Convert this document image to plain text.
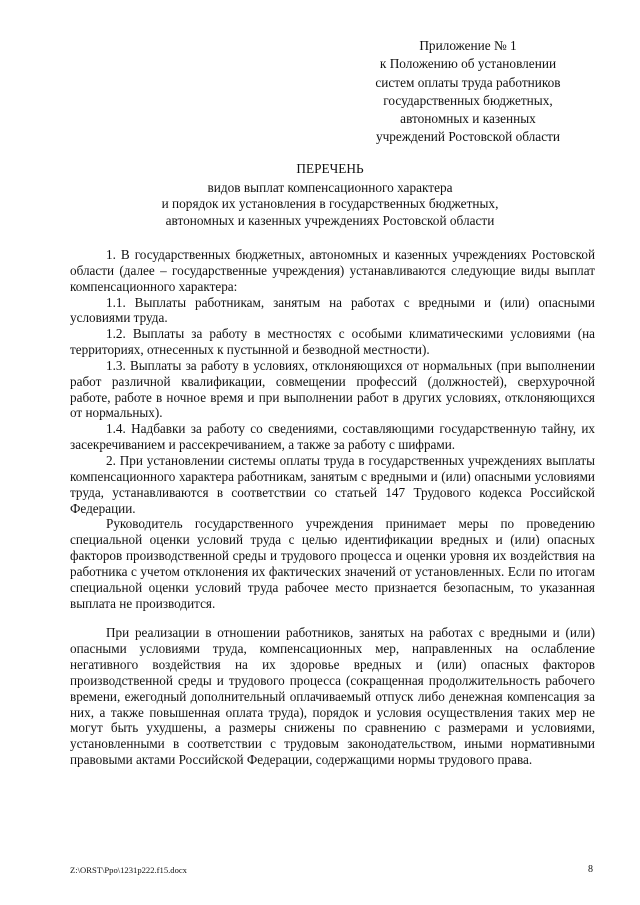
Приложение № 1
к Положению об установлении
систем оплаты труда работников
государственных бюджетных,
автономных и казенных
учреждений Ростовской области
ПЕРЕЧЕНЬ
видов выплат компенсационного характера
и порядок их установления в государственных бюджетных,
автономных и казенных учреждениях Ростовской области

1. В государственных бюджетных, автономных и казенных учреждениях Ростовской области (далее – государственные учреждения) устанавливаются следующие виды выплат компенсационного характера:

1.1. Выплаты работникам, занятым на работах с вредными и (или) опасными условиями труда.

1.2. Выплаты за работу в местностях с особыми климатическими условиями (на территориях, отнесенных к пустынной и безводной местности).

1.3. Выплаты за работу в условиях, отклоняющихся от нормальных (при выполнении работ различной квалификации, совмещении профессий (должностей), сверхурочной работе, работе в ночное время и при выполнении работ в других условиях, отклоняющихся от нормальных).

1.4. Надбавки за работу со сведениями, составляющими государственную тайну, их засекречиванием и рассекречиванием, а также за работу с шифрами.

2. При установлении системы оплаты труда в государственных учреждениях выплаты компенсационного характера работникам, занятым с вредными и (или) опасными условиями труда, устанавливаются в соответствии со статьей 147 Трудового кодекса Российской Федерации.

Руководитель государственного учреждения принимает меры по проведению специальной оценки условий труда с целью идентификации вредных и (или) опасных факторов производственной среды и трудового процесса и оценки уровня их воздействия на работника с учетом отклонения их фактических значений от установленных. Если по итогам специальной оценки условий труда рабочее место признается безопасным, то указанная выплата не производится.

При реализации в отношении работников, занятых на работах с вредными и (или) опасными условиями труда, компенсационных мер, направленных на ослабление негативного воздействия на их здоровье вредных и (или) опасных факторов производственной среды и трудового процесса (сокращенная продолжительность рабочего времени, ежегодный дополнительный оплачиваемый отпуск либо денежная компенсация за них, а также повышенная оплата труда), порядок и условия осуществления таких мер не могут быть ухудшены, а размеры снижены по сравнению с размерами и условиями, установленными в соответствии с трудовым законодательством, иными нормативными правовыми актами Российской Федерации, содержащими нормы трудового права.

Z:\ORST\Ppo\1231p222.f15.docx	8
